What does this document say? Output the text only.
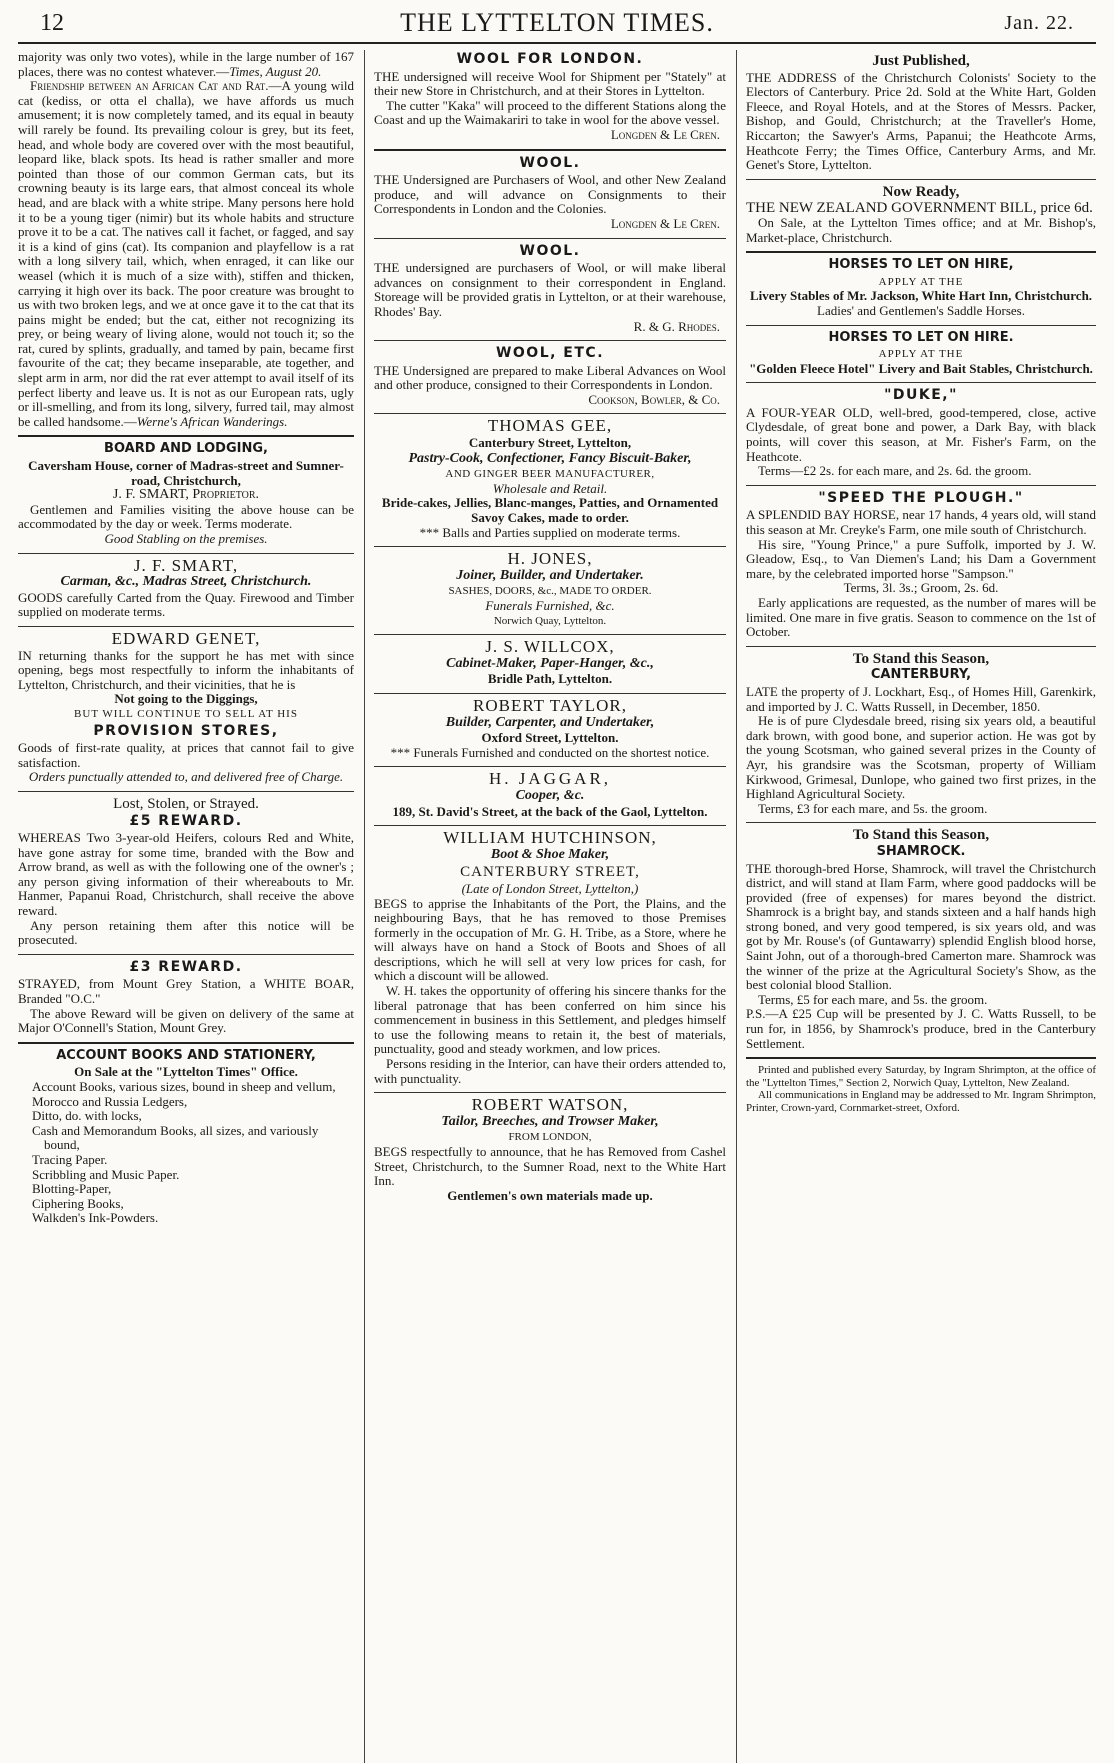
12	THE LYTTELTON TIMES.	Jan. 22.

majority was only two votes), while in the large number of 167 places, there was no contest whatever.—Times, August 20.

Friendship between an African Cat and Rat.—A young wild cat (kediss, or otta el challa), we have affords us much amusement; it is now completely tamed, and its equal in beauty will rarely be found. Its prevailing colour is grey, but its feet, head, and whole body are covered over with the most beautiful, leopard like, black spots. Its head is rather smaller and more pointed than those of our common German cats, but its crowning beauty is its large ears, that almost conceal its whole head, and are black with a white stripe. Many persons here hold it to be a young tiger (nimir) but its whole habits and structure prove it to be a cat. The natives call it fachet, or fagged, and say it is a kind of gins (cat). Its companion and playfellow is a rat with a long silvery tail, which, when enraged, it can like our weasel (which it is much of a size with), stiffen and thicken, carrying it high over its back. The poor creature was brought to us with two broken legs, and we at once gave it to the cat that its pains might be ended; but the cat, either not recognizing its prey, or being weary of living alone, would not touch it; so the rat, cured by splints, gradually, and tamed by pain, became first favourite of the cat; they became inseparable, ate together, and slept arm in arm, nor did the rat ever attempt to avail itself of its perfect liberty and leave us. It is not as our European rats, ugly or ill-smelling, and from its long, silvery, furred tail, may almost be called handsome.—Werne's African Wanderings.

BOARD AND LODGING,
Caversham House, corner of Madras-street and Sumner-road, Christchurch,
J. F. SMART, Proprietor.

Gentlemen and Families visiting the above house can be accommodated by the day or week. Terms moderate.

Good Stabling on the premises.
J. F. SMART,
Carman, &c., Madras Street, Christchurch.

GOODS carefully Carted from the Quay. Firewood and Timber supplied on moderate terms.

EDWARD GENET,

IN returning thanks for the support he has met with since opening, begs most respectfully to inform the inhabitants of Lyttelton, Christchurch, and their vicinities, that he is

Not going to the Diggings,
BUT WILL CONTINUE TO SELL AT HIS
PROVISION STORES,

Goods of first-rate quality, at prices that cannot fail to give satisfaction.

Orders punctually attended to, and delivered free of Charge.
Lost, Stolen, or Strayed.
£5 REWARD.

WHEREAS Two 3-year-old Heifers, colours Red and White, have gone astray for some time, branded with the Bow and Arrow brand, as well as with the following one of the owner's ; any person giving information of their whereabouts to Mr. Hanmer, Papanui Road, Christchurch, shall receive the above reward.

Any person retaining them after this notice will be prosecuted.

£3 REWARD.

STRAYED, from Mount Grey Station, a WHITE BOAR, Branded "O.C."

The above Reward will be given on delivery of the same at Major O'Connell's Station, Mount Grey.

ACCOUNT BOOKS AND STATIONERY,
On Sale at the "Lyttelton Times" Office.

Account Books, various sizes, bound in sheep and vellum,

Morocco and Russia Ledgers,

Ditto, do. with locks,

Cash and Memorandum Books, all sizes, and variously bound,

Tracing Paper.

Scribbling and Music Paper.

Blotting-Paper,

Ciphering Books,

Walkden's Ink-Powders.

WOOL FOR LONDON.

THE undersigned will receive Wool for Shipment per "Stately" at their new Store in Christchurch, and at their Stores in Lyttelton.

The cutter "Kaka" will proceed to the different Stations along the Coast and up the Waimakariri to take in wool for the above vessel.

Longden & Le Cren.
WOOL.

THE Undersigned are Purchasers of Wool, and other New Zealand produce, and will advance on Consignments to their Correspondents in London and the Colonies.

Longden & Le Cren.
WOOL.

THE undersigned are purchasers of Wool, or will make liberal advances on consignment to their correspondent in England. Storeage will be provided gratis in Lyttelton, or at their warehouse, Rhodes' Bay.

R. & G. Rhodes.
WOOL, ETC.

THE Undersigned are prepared to make Liberal Advances on Wool and other produce, consigned to their Correspondents in London.

Cookson, Bowler, & Co.
THOMAS GEE,
Canterbury Street, Lyttelton,
Pastry-Cook, Confectioner, Fancy Biscuit-Baker,
AND GINGER BEER MANUFACTURER,
Wholesale and Retail.
Bride-cakes, Jellies, Blanc-manges, Patties, and Ornamented Savoy Cakes, made to order.
*** Balls and Parties supplied on moderate terms.
H. JONES,
Joiner, Builder, and Undertaker.
SASHES, DOORS, &c., MADE TO ORDER.
Funerals Furnished, &c.
Norwich Quay, Lyttelton.
J. S. WILLCOX,
Cabinet-Maker, Paper-Hanger, &c.,
Bridle Path, Lyttelton.
ROBERT TAYLOR,
Builder, Carpenter, and Undertaker,
Oxford Street, Lyttelton.
*** Funerals Furnished and conducted on the shortest notice.
H. JAGGAR,
Cooper, &c.
189, St. David's Street, at the back of the Gaol, Lyttelton.
WILLIAM HUTCHINSON,
Boot & Shoe Maker,
CANTERBURY STREET,
(Late of London Street, Lyttelton,)

BEGS to apprise the Inhabitants of the Port, the Plains, and the neighbouring Bays, that he has removed to those Premises formerly in the occupation of Mr. G. H. Tribe, as a Store, where he will always have on hand a Stock of Boots and Shoes of all descriptions, which he will sell at very low prices for cash, for which a discount will be allowed.

W. H. takes the opportunity of offering his sincere thanks for the liberal patronage that has been conferred on him since his commencement in business in this Settlement, and pledges himself to use the following means to retain it, the best of materials, punctuality, good and steady workmen, and low prices.

Persons residing in the Interior, can have their orders attended to, with punctuality.

ROBERT WATSON,
Tailor, Breeches, and Trowser Maker,
FROM LONDON,

BEGS respectfully to announce, that he has Removed from Cashel Street, Christchurch, to the Sumner Road, next to the White Hart Inn.

Gentlemen's own materials made up.
Just Published,

THE ADDRESS of the Christchurch Colonists' Society to the Electors of Canterbury. Price 2d. Sold at the White Hart, Golden Fleece, and Royal Hotels, and at the Stores of Messrs. Packer, Bishop, and Gould, Christchurch; at the Traveller's Home, Riccarton; the Sawyer's Arms, Papanui; the Heathcote Arms, Heathcote Ferry; the Times Office, Canterbury Arms, and Mr. Genet's Store, Lyttelton.

Now Ready,

THE NEW ZEALAND GOVERNMENT BILL, price 6d.

On Sale, at the Lyttelton Times office; and at Mr. Bishop's, Market-place, Christchurch.

HORSES TO LET ON HIRE,
APPLY AT THE
Livery Stables of Mr. Jackson, White Hart Inn, Christchurch.
Ladies' and Gentlemen's Saddle Horses.
HORSES TO LET ON HIRE.
APPLY AT THE
"Golden Fleece Hotel" Livery and Bait Stables, Christchurch.
"DUKE,"

A FOUR-YEAR OLD, well-bred, good-tempered, close, active Clydesdale, of great bone and power, a Dark Bay, with black points, will cover this season, at Mr. Fisher's Farm, on the Heathcote.

Terms—£2 2s. for each mare, and 2s. 6d. the groom.

"SPEED THE PLOUGH."

A SPLENDID BAY HORSE, near 17 hands, 4 years old, will stand this season at Mr. Creyke's Farm, one mile south of Christchurch.

His sire, "Young Prince," a pure Suffolk, imported by J. W. Gleadow, Esq., to Van Diemen's Land; his Dam a Government mare, by the celebrated imported horse "Sampson."

Terms, 3l. 3s.; Groom, 2s. 6d.

Early applications are requested, as the number of mares will be limited. One mare in five gratis. Season to commence on the 1st of October.

To Stand this Season,
CANTERBURY,

LATE the property of J. Lockhart, Esq., of Homes Hill, Garenkirk, and imported by J. C. Watts Russell, in December, 1850.

He is of pure Clydesdale breed, rising six years old, a beautiful dark brown, with good bone, and superior action. He was got by the young Scotsman, who gained several prizes in the County of Ayr, his grandsire was the Scotsman, property of William Kirkwood, Grimesal, Dunlope, who gained two first prizes, in the Highland Agricultural Society.

Terms, £3 for each mare, and 5s. the groom.

To Stand this Season,
SHAMROCK.

THE thorough-bred Horse, Shamrock, will travel the Christchurch district, and will stand at Ilam Farm, where good paddocks will be provided (free of expenses) for mares beyond the district. Shamrock is a bright bay, and stands sixteen and a half hands high strong boned, and very good tempered, is six years old, and was got by Mr. Rouse's (of Guntawarry) splendid English blood horse, Saint John, out of a thorough-bred Camerton mare. Shamrock was the winner of the prize at the Agricultural Society's Show, as the best colonial blood Stallion.

Terms, £5 for each mare, and 5s. the groom.

P.S.—A £25 Cup will be presented by J. C. Watts Russell, to be run for, in 1856, by Shamrock's produce, bred in the Canterbury Settlement.

Printed and published every Saturday, by Ingram Shrimpton, at the office of the "Lyttelton Times," Section 2, Norwich Quay, Lyttelton, New Zealand.

All communications in England may be addressed to Mr. Ingram Shrimpton, Printer, Crown-yard, Cornmarket-street, Oxford.
